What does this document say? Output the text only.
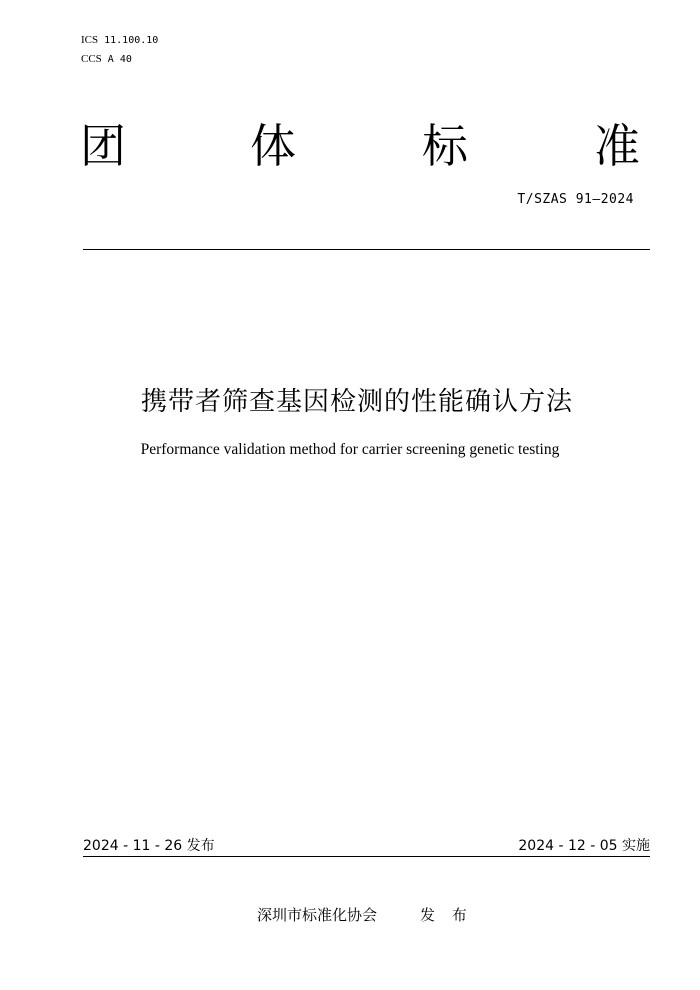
ICS 11.100.10
CCS A 40
团	体	标	准
T/SZAS 91—2024
携带者筛查基因检测的性能确认方法
Performance validation method for carrier screening genetic testing
2024 - 11 - 26 发布	2024 - 12 - 05 实施
深圳市标准化协会	发 布
